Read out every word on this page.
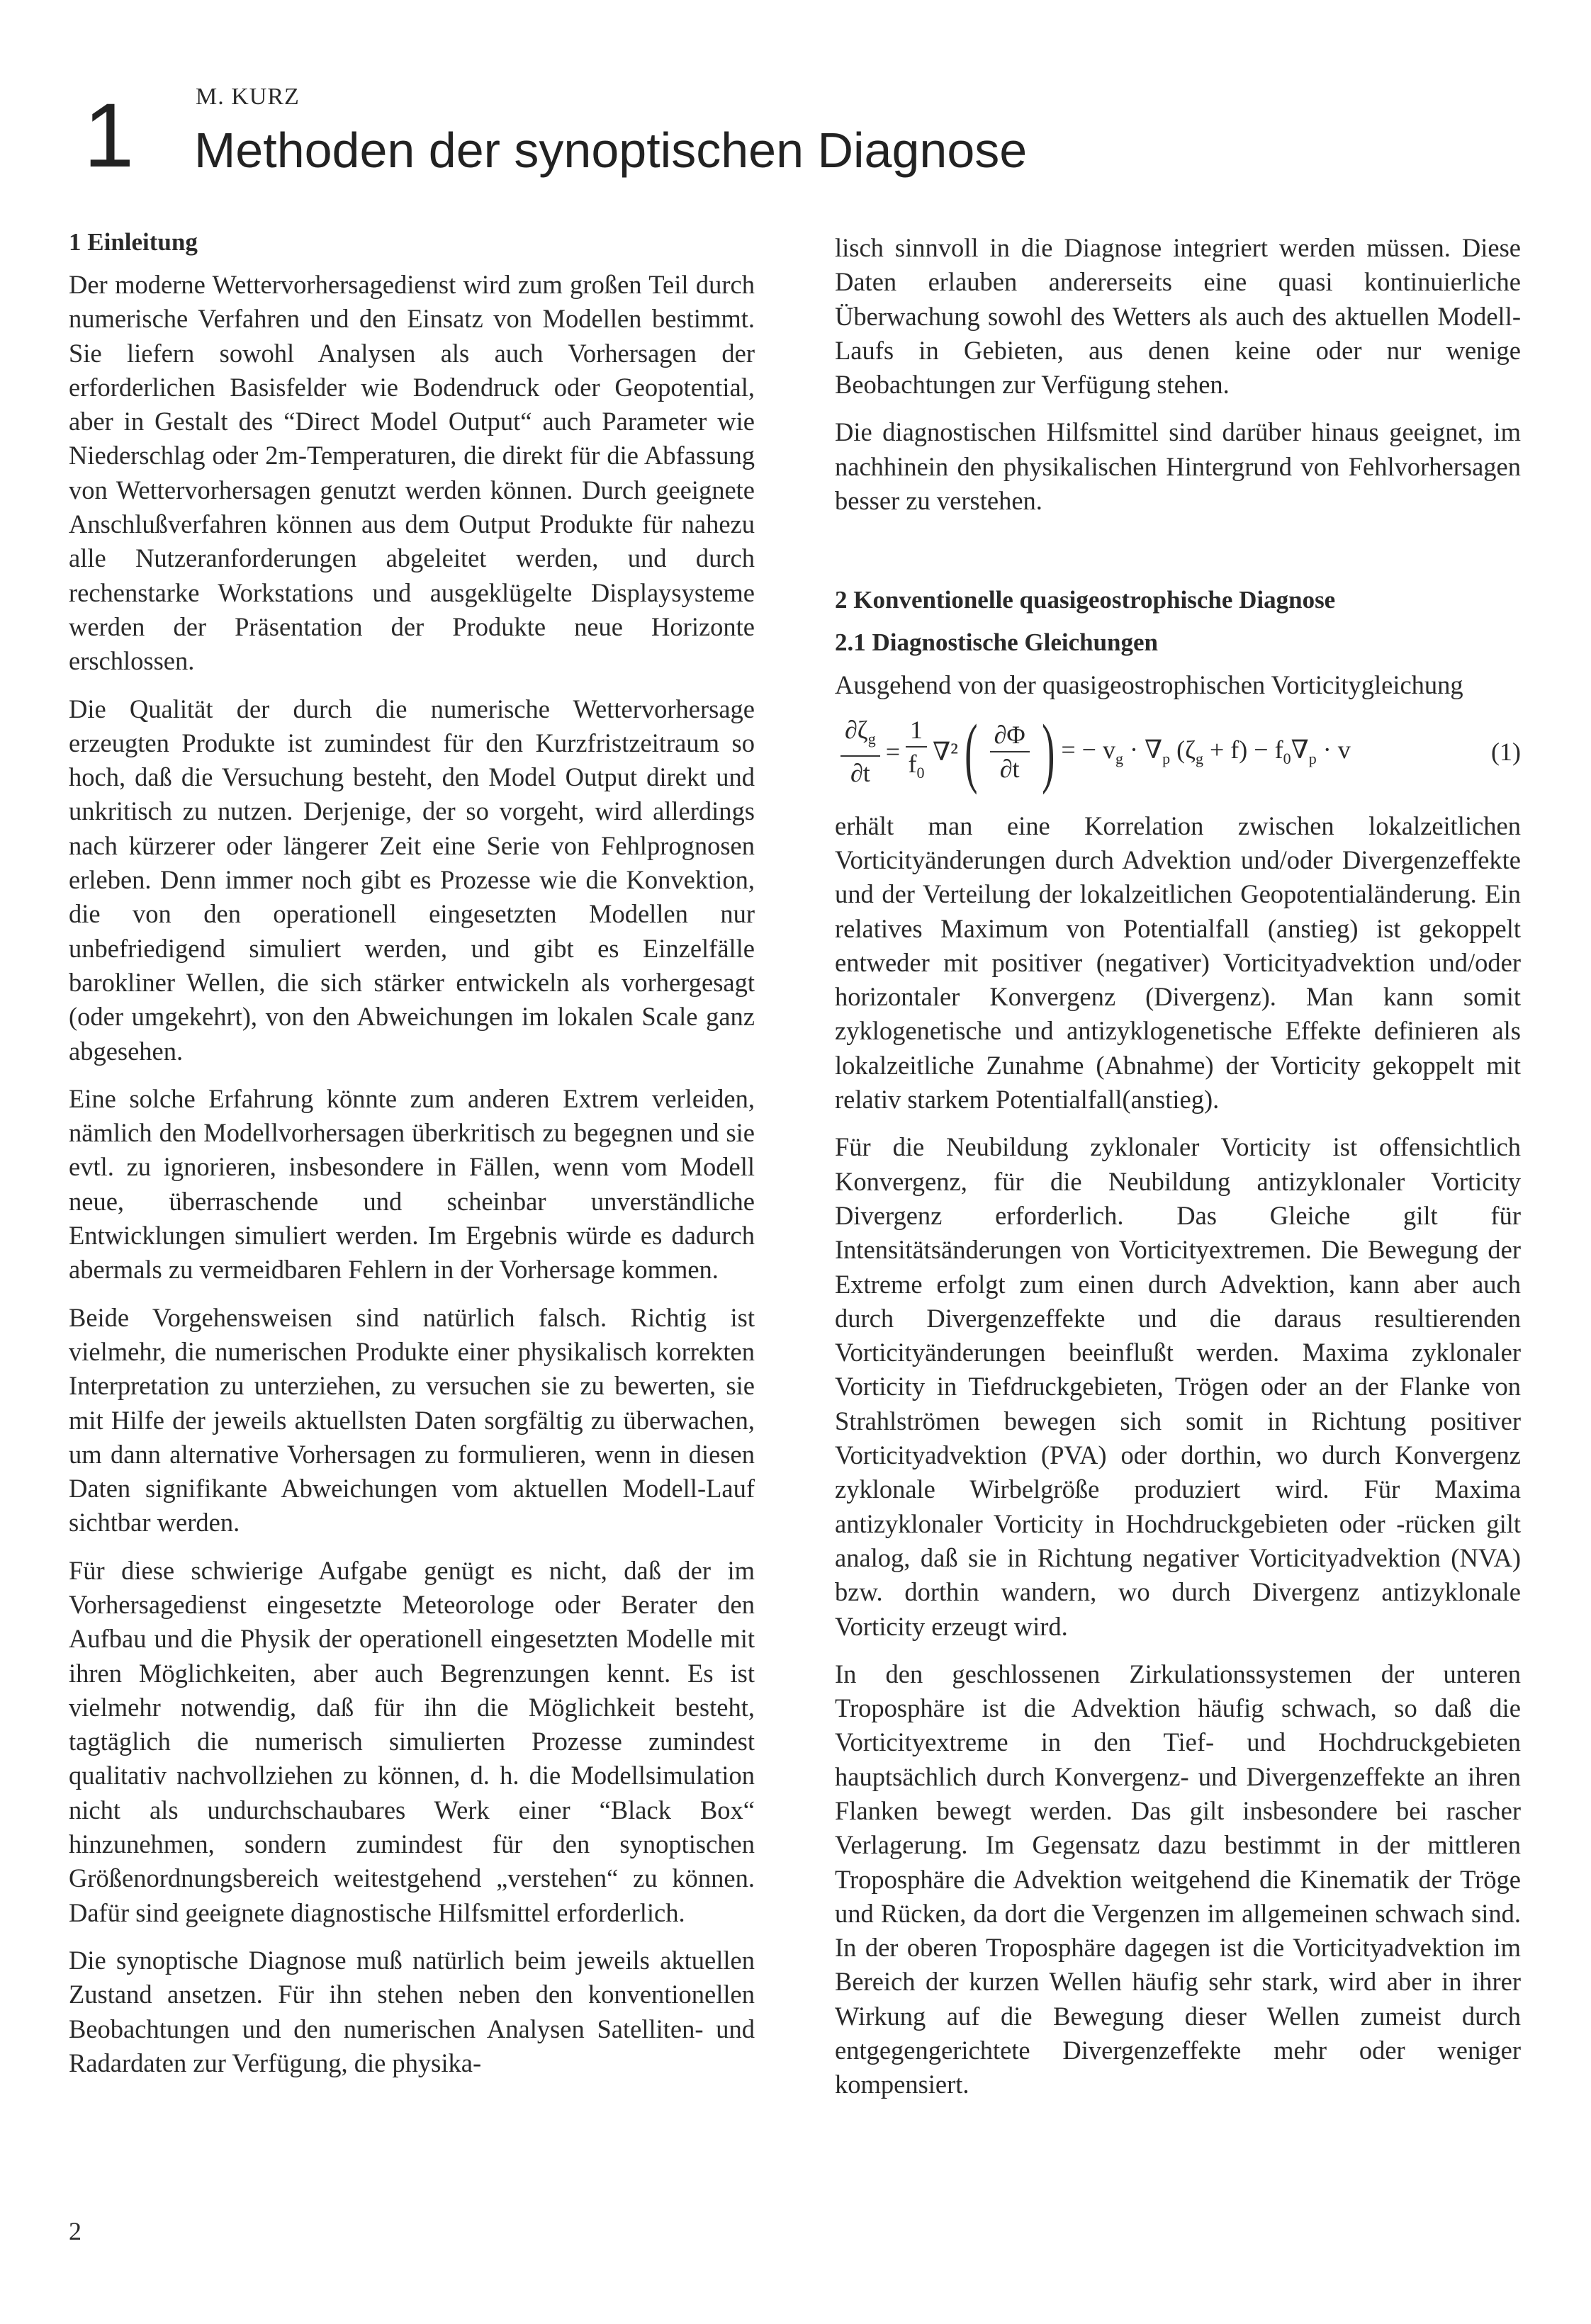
1	M. KURZ
Methoden der synoptischen Diagnose
1 Einleitung

Der moderne Wettervorhersagedienst wird zum großen Teil durch numerische Verfahren und den Einsatz von Modellen bestimmt. Sie liefern sowohl Analysen als auch Vorhersagen der erforderlichen Basisfelder wie Bodendruck oder Geopotential, aber in Gestalt des “Direct Model Output“ auch Parameter wie Niederschlag oder 2m-Temperaturen, die direkt für die Abfassung von Wettervorhersagen genutzt werden können. Durch geeignete Anschlußverfahren können aus dem Output Produkte für nahezu alle Nutzeranforderungen abgeleitet werden, und durch rechenstarke Workstations und ausgeklügelte Displaysysteme werden der Präsentation der Produkte neue Horizonte erschlossen.

Die Qualität der durch die numerische Wettervorhersage erzeugten Produkte ist zumindest für den Kurzfristzeitraum so hoch, daß die Versuchung besteht, den Model Output direkt und unkritisch zu nutzen. Derjenige, der so vorgeht, wird allerdings nach kürzerer oder längerer Zeit eine Serie von Fehlprognosen erleben. Denn immer noch gibt es Prozesse wie die Konvektion, die von den operationell eingesetzten Modellen nur unbefriedigend simuliert werden, und gibt es Einzelfälle barokliner Wellen, die sich stärker entwickeln als vorhergesagt (oder umgekehrt), von den Abweichungen im lokalen Scale ganz abgesehen.

Eine solche Erfahrung könnte zum anderen Extrem verleiden, nämlich den Modellvorhersagen überkritisch zu begegnen und sie evtl. zu ignorieren, insbesondere in Fällen, wenn vom Modell neue, überraschende und scheinbar unverständliche Entwicklungen simuliert werden. Im Ergebnis würde es dadurch abermals zu vermeidbaren Fehlern in der Vorhersage kommen.

Beide Vorgehensweisen sind natürlich falsch. Richtig ist vielmehr, die numerischen Produkte einer physikalisch korrekten Interpretation zu unterziehen, zu versuchen sie zu bewerten, sie mit Hilfe der jeweils aktuellsten Daten sorgfältig zu überwachen, um dann alternative Vorhersagen zu formulieren, wenn in diesen Daten signifikante Abweichungen vom aktuellen Modell-Lauf sichtbar werden.

Für diese schwierige Aufgabe genügt es nicht, daß der im Vorhersagedienst eingesetzte Meteorologe oder Berater den Aufbau und die Physik der operationell eingesetzten Modelle mit ihren Möglichkeiten, aber auch Begrenzungen kennt. Es ist vielmehr notwendig, daß für ihn die Möglichkeit besteht, tagtäglich die numerisch simulierten Prozesse zumindest qualitativ nachvollziehen zu können, d. h. die Modellsimulation nicht als undurchschaubares Werk einer “Black Box“ hinzunehmen, sondern zumindest für den synoptischen Größenordnungsbereich weitestgehend „verstehen“ zu können. Dafür sind geeignete diagnostische Hilfsmittel erforderlich.

Die synoptische Diagnose muß natürlich beim jeweils aktuellen Zustand ansetzen. Für ihn stehen neben den konventionellen Beobachtungen und den numerischen Analysen Satelliten- und Radardaten zur Verfügung, die physika-

lisch sinnvoll in die Diagnose integriert werden müssen. Diese Daten erlauben andererseits eine quasi kontinuierliche Überwachung sowohl des Wetters als auch des aktuellen Modell-Laufs in Gebieten, aus denen keine oder nur wenige Beobachtungen zur Verfügung stehen.

Die diagnostischen Hilfsmittel sind darüber hinaus geeignet, im nachhinein den physikalischen Hintergrund von Fehlvorhersagen besser zu verstehen.

2 Konventionelle quasigeostrophische Diagnose
2.1 Diagnostische Gleichungen

Ausgehend von der quasigeostrophischen Vorticitygleichung

$\frac{\partial\zeta_g}{\partial t} = \frac{1}{f_0} \nabla^2$ ( $\frac{\partial\Phi}{\partial t}$ ) = − $v_g \cdot \nabla_p$ $(\zeta_g + f) - f_0\nabla_p \cdot v$	(1)

erhält man eine Korrelation zwischen lokalzeitlichen Vorticityänderungen durch Advektion und/oder Divergenzeffekte und der Verteilung der lokalzeitlichen Geopotentialänderung. Ein relatives Maximum von Potentialfall (anstieg) ist gekoppelt entweder mit positiver (negativer) Vorticityadvektion und/oder horizontaler Konvergenz (Divergenz). Man kann somit zyklogenetische und antizyklogenetische Effekte definieren als lokalzeitliche Zunahme (Abnahme) der Vorticity gekoppelt mit relativ starkem Potentialfall(anstieg).

Für die Neubildung zyklonaler Vorticity ist offensichtlich Konvergenz, für die Neubildung antizyklonaler Vorticity Divergenz erforderlich. Das Gleiche gilt für Intensitätsänderungen von Vorticityextremen. Die Bewegung der Extreme erfolgt zum einen durch Advektion, kann aber auch durch Divergenzeffekte und die daraus resultierenden Vorticityänderungen beeinflußt werden. Maxima zyklonaler Vorticity in Tiefdruckgebieten, Trögen oder an der Flanke von Strahlströmen bewegen sich somit in Richtung positiver Vorticityadvektion (PVA) oder dorthin, wo durch Konvergenz zyklonale Wirbelgröße produziert wird. Für Maxima antizyklonaler Vorticity in Hochdruckgebieten oder -rücken gilt analog, daß sie in Richtung negativer Vorticityadvektion (NVA) bzw. dorthin wandern, wo durch Divergenz antizyklonale Vorticity erzeugt wird.

In den geschlossenen Zirkulationssystemen der unteren Troposphäre ist die Advektion häufig schwach, so daß die Vorticityextreme in den Tief- und Hochdruckgebieten hauptsächlich durch Konvergenz- und Divergenzeffekte an ihren Flanken bewegt werden. Das gilt insbesondere bei rascher Verlagerung. Im Gegensatz dazu bestimmt in der mittleren Troposphäre die Advektion weitgehend die Kinematik der Tröge und Rücken, da dort die Vergenzen im allgemeinen schwach sind. In der oberen Troposphäre dagegen ist die Vorticityadvektion im Bereich der kurzen Wellen häufig sehr stark, wird aber in ihrer Wirkung auf die Bewegung dieser Wellen zumeist durch entgegengerichtete Divergenzeffekte mehr oder weniger kompensiert.

2
